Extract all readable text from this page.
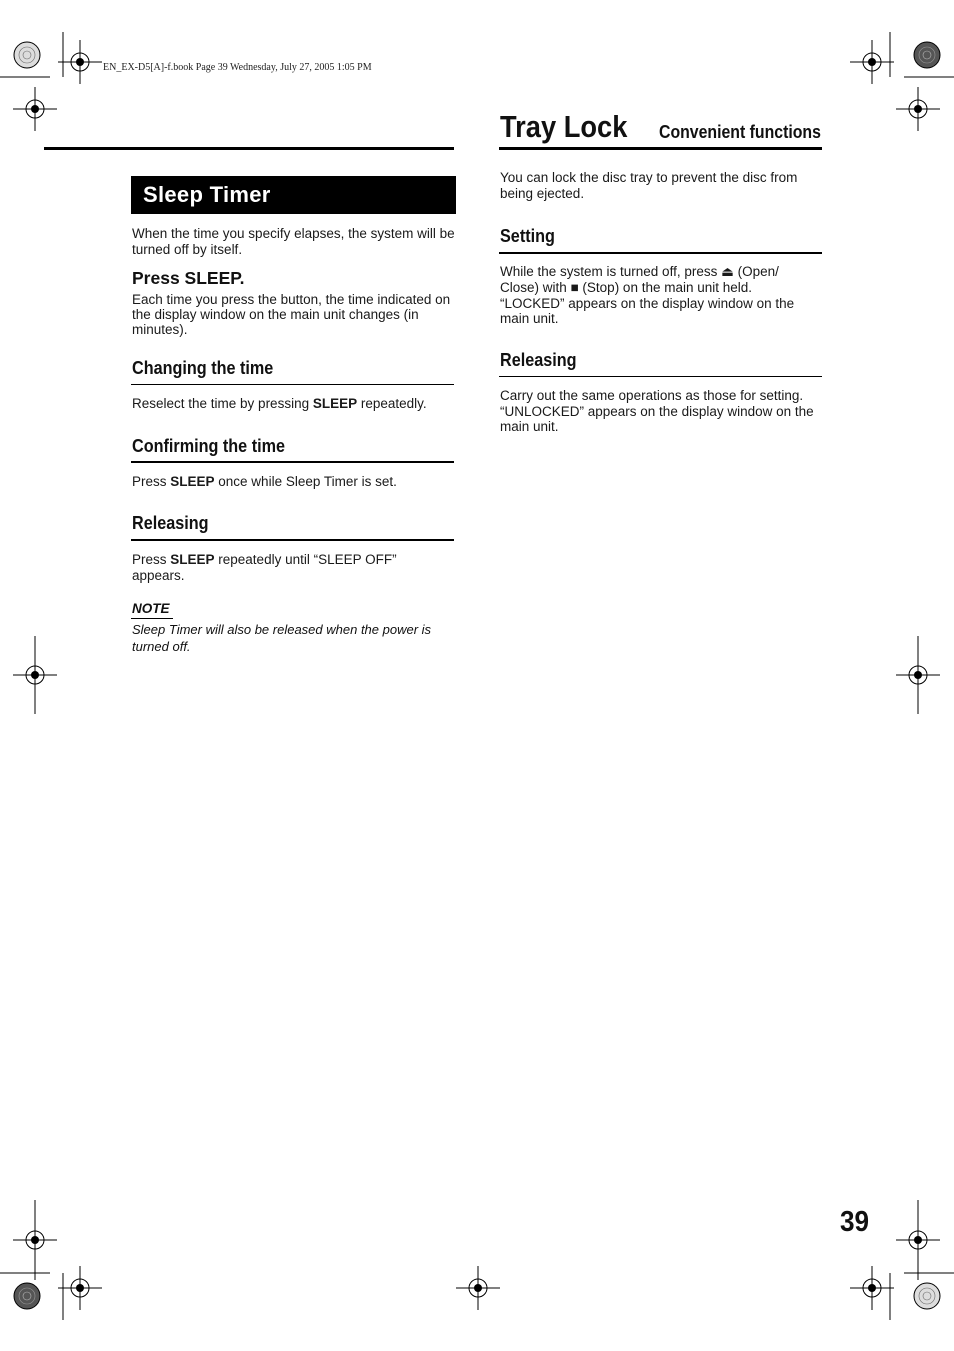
EN_EX-D5[A]-f.book Page 39 Wednesday, July 27, 2005 1:05 PM
Sleep Timer
When the time you specify elapses, the system will be turned off by itself.
Press SLEEP.
Each time you press the button, the time indicated on the display window on the main unit changes (in minutes).
Changing the time
Reselect the time by pressing SLEEP repeatedly.
Confirming the time
Press SLEEP once while Sleep Timer is set.
Releasing
Press SLEEP repeatedly until “SLEEP OFF” appears.
NOTE
Sleep Timer will also be released when the power is turned off.
Tray Lock Convenient functions
You can lock the disc tray to prevent the disc from being ejected.
Setting
While the system is turned off, press ⏏ (Open/ Close) with ■ (Stop) on the main unit held.
“LOCKED” appears on the display window on the main unit.
Releasing
Carry out the same operations as those for setting.
“UNLOCKED” appears on the display window on the main unit.
39
